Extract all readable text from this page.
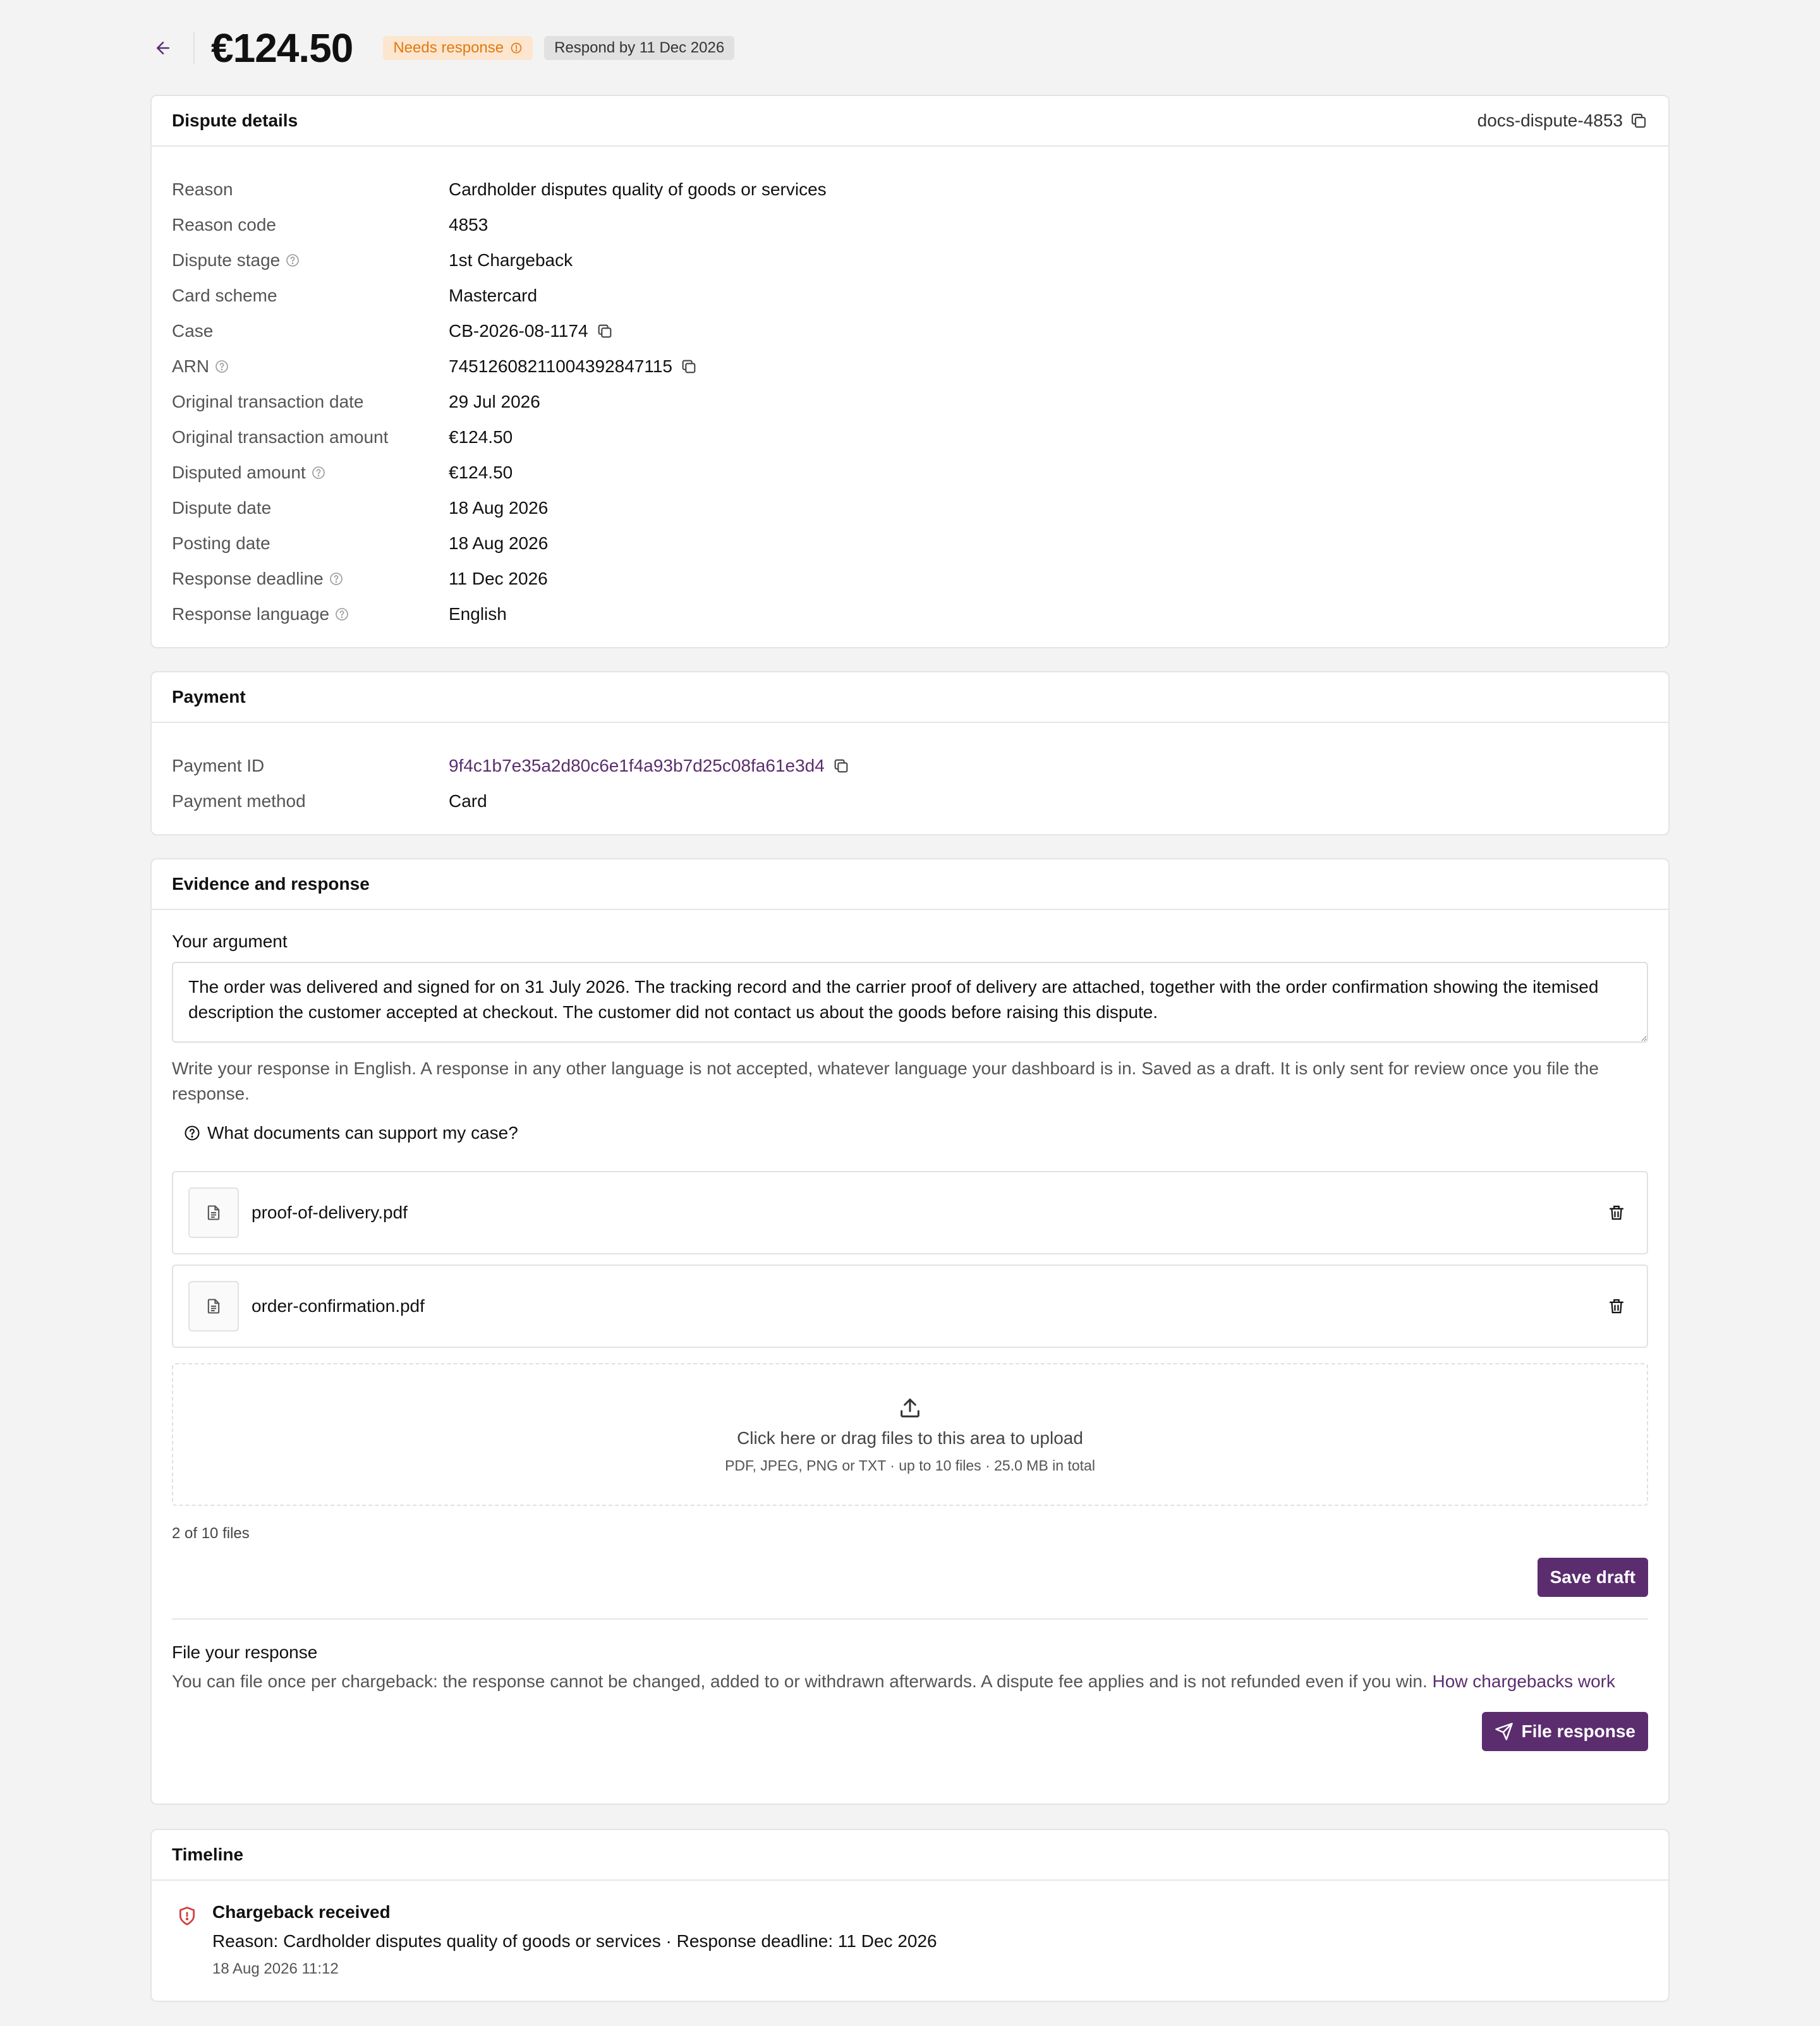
€124.50	Needs response	Respond by 11 Dec 2026
Dispute details	docs-dispute-4853
Reason	Cardholder disputes quality of goods or services
Reason code	4853
Dispute stage	1st Chargeback
Card scheme	Mastercard
Case	CB-2026-08-1174
ARN	74512608211004392847115
Original transaction date	29 Jul 2026
Original transaction amount	€124.50
Disputed amount	€124.50
Dispute date	18 Aug 2026
Posting date	18 Aug 2026
Response deadline	11 Dec 2026
Response language	English
Payment
Payment ID	9f4c1b7e35a2d80c6e1f4a93b7d25c08fa61e3d4
Payment method	Card
Evidence and response
Your argument
The order was delivered and signed for on 31 July 2026. The tracking record and the carrier proof of delivery are attached, together with the order confirmation showing the itemised description the customer accepted at checkout. The customer did not contact us about the goods before raising this dispute.
Write your response in English. A response in any other language is not accepted, whatever language your dashboard is in. Saved as a draft. It is only sent for review once you file the response.
What documents can support my case?
proof-of-delivery.pdf
order-confirmation.pdf
Click here or drag files to this area to upload
PDF, JPEG, PNG or TXT · up to 10 files · 25.0 MB in total
2 of 10 files
Save draft
File your response
You can file once per chargeback: the response cannot be changed, added to or withdrawn afterwards. A dispute fee applies and is not refunded even if you win. How chargebacks work
File response
Timeline
Chargeback received
Reason: Cardholder disputes quality of goods or services · Response deadline: 11 Dec 2026
18 Aug 2026 11:12
